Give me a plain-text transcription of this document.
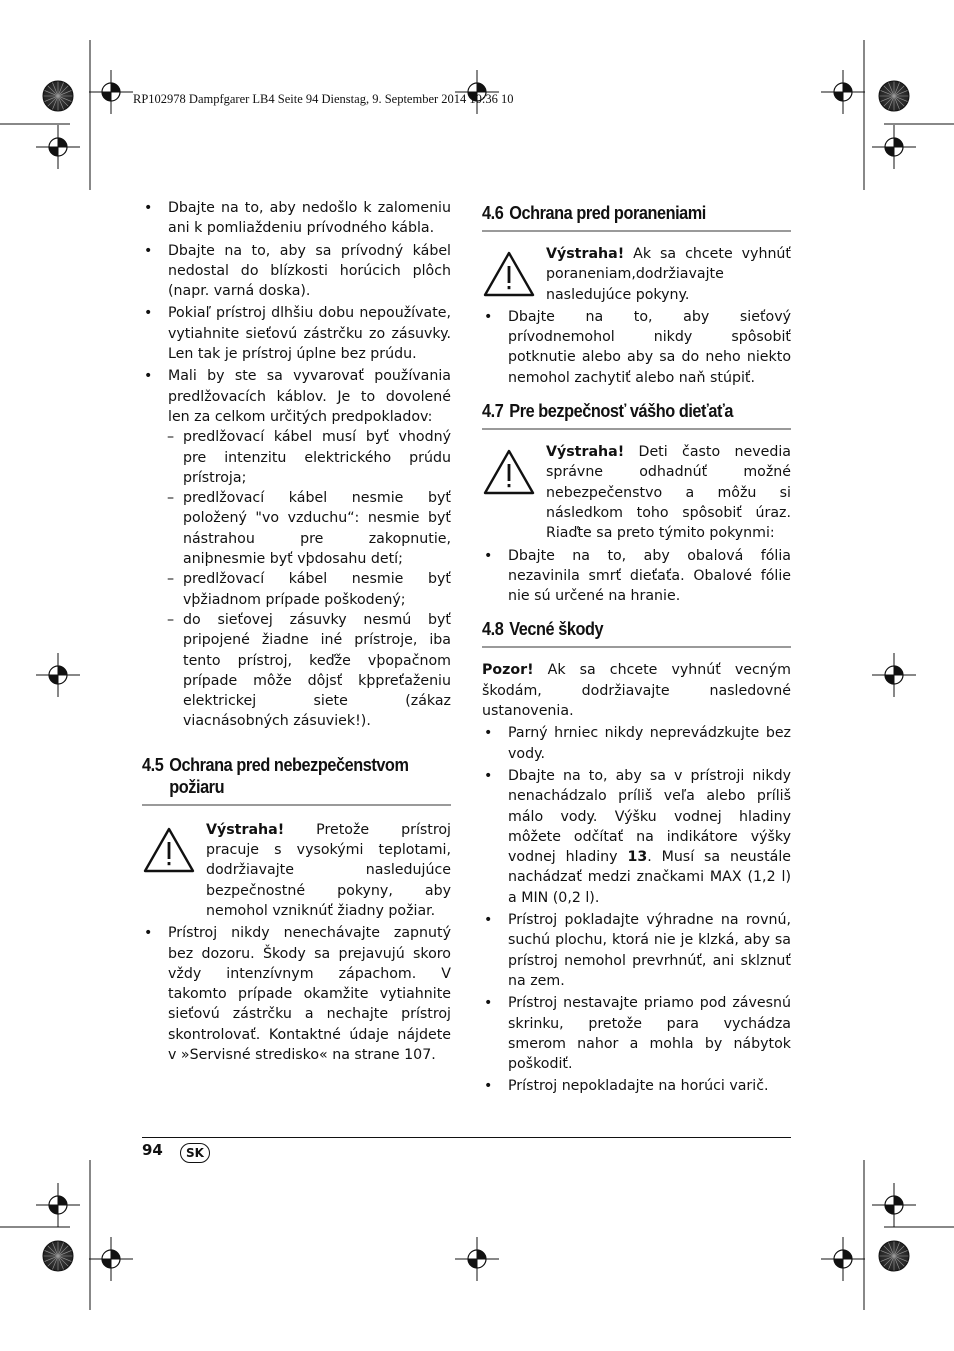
RP102978 Dampfgarer LB4 Seite 94 Dienstag, 9. September 2014 10:36 10
• Dbajte na to, aby nedošlo k zalomeniu ani k pomliaždeniu prívodného kábla.
• Dbajte na to, aby sa prívodný kábel nedostal do blízkosti horúcich plôch (napr. varná doska).
• Pokiaľ prístroj dlhšiu dobu nepoužívate, vytiahnite sieťovú zástrčku zo zásuvky. Len tak je prístroj úplne bez prúdu.
• Mali by ste sa vyvarovať používania predlžovacích káblov. Je to dovolené len za celkom určitých predpokladov:
– predlžovací kábel musí byť vhodný pre intenzitu elektrického prúdu prístroja;
– predlžovací kábel nesmie byť položený "vo vzduchu“: nesmie byť nástrahou pre zakopnutie, aniþnesmie byť vþdosahu detí;
– predlžovací kábel nesmie byť vþžiadnom prípade poškodený;
– do sieťovej zásuvky nesmú byť pripojené žiadne iné prístroje, iba tento prístroj, keďže vþopačnom prípade môže dôjsť kþpreťaženiu elektrickej siete (zákaz viacnásobných zásuviek!).
4.5 Ochrana pred nebezpečenstvom
požiaru
Výstraha! Pretože prístroj pracuje s vysokými teplotami, dodržiavajte nasledujúce bezpečnostné pokyny, aby nemohol vzniknúť žiadny požiar.
• Prístroj nikdy nenechávajte zapnutý bez dozoru. Škody sa prejavujú skoro vždy intenzívnym zápachom. V takomto prípade okamžite vytiahnite sieťovú zástrčku a nechajte prístroj skontrolovať. Kontaktné údaje nájdete v »Servisné stredisko« na strane 107.
4.6 Ochrana pred poraneniami
Výstraha! Ak sa chcete vyhnúť poraneniam,dodržiavajte nasledujúce pokyny.
• Dbajte na to, aby sieťový prívodnemohol nikdy spôsobiť potknutie alebo aby sa do neho niekto nemohol zachytiť alebo naň stúpiť.
4.7 Pre bezpečnosť vášho dieťaťa
Výstraha! Deti často nevedia správne odhadnúť možné nebezpečenstvo a môžu si následkom toho spôsobiť úraz. Riaďte sa preto týmito pokynmi:
• Dbajte na to, aby obalová fólia nezavinila smrť dieťaťa. Obalové fólie nie sú určené na hranie.
4.8 Vecné škody
Pozor! Ak sa chcete vyhnúť vecným škodám, dodržiavajte nasledovné ustanovenia.
• Parný hrniec nikdy neprevádzkujte bez vody.
• Dbajte na to, aby sa v prístroji nikdy nenachádzalo príliš veľa alebo príliš málo vody. Výšku vodnej hladiny môžete odčítať na indikátore výšky vodnej hladiny 13. Musí sa neustále nachádzať medzi značkami MAX (1,2 l) a MIN (0,2 l).
• Prístroj pokladajte výhradne na rovnú, suchú plochu, ktorá nie je klzká, aby sa prístroj nemohol prevrhnúť, ani sklznuť na zem.
• Prístroj nestavajte priamo pod závesnú skrinku, pretože para vychádza smerom nahor a mohla by nábytok poškodiť.
• Prístroj nepokladajte na horúci varič.
94	SK
